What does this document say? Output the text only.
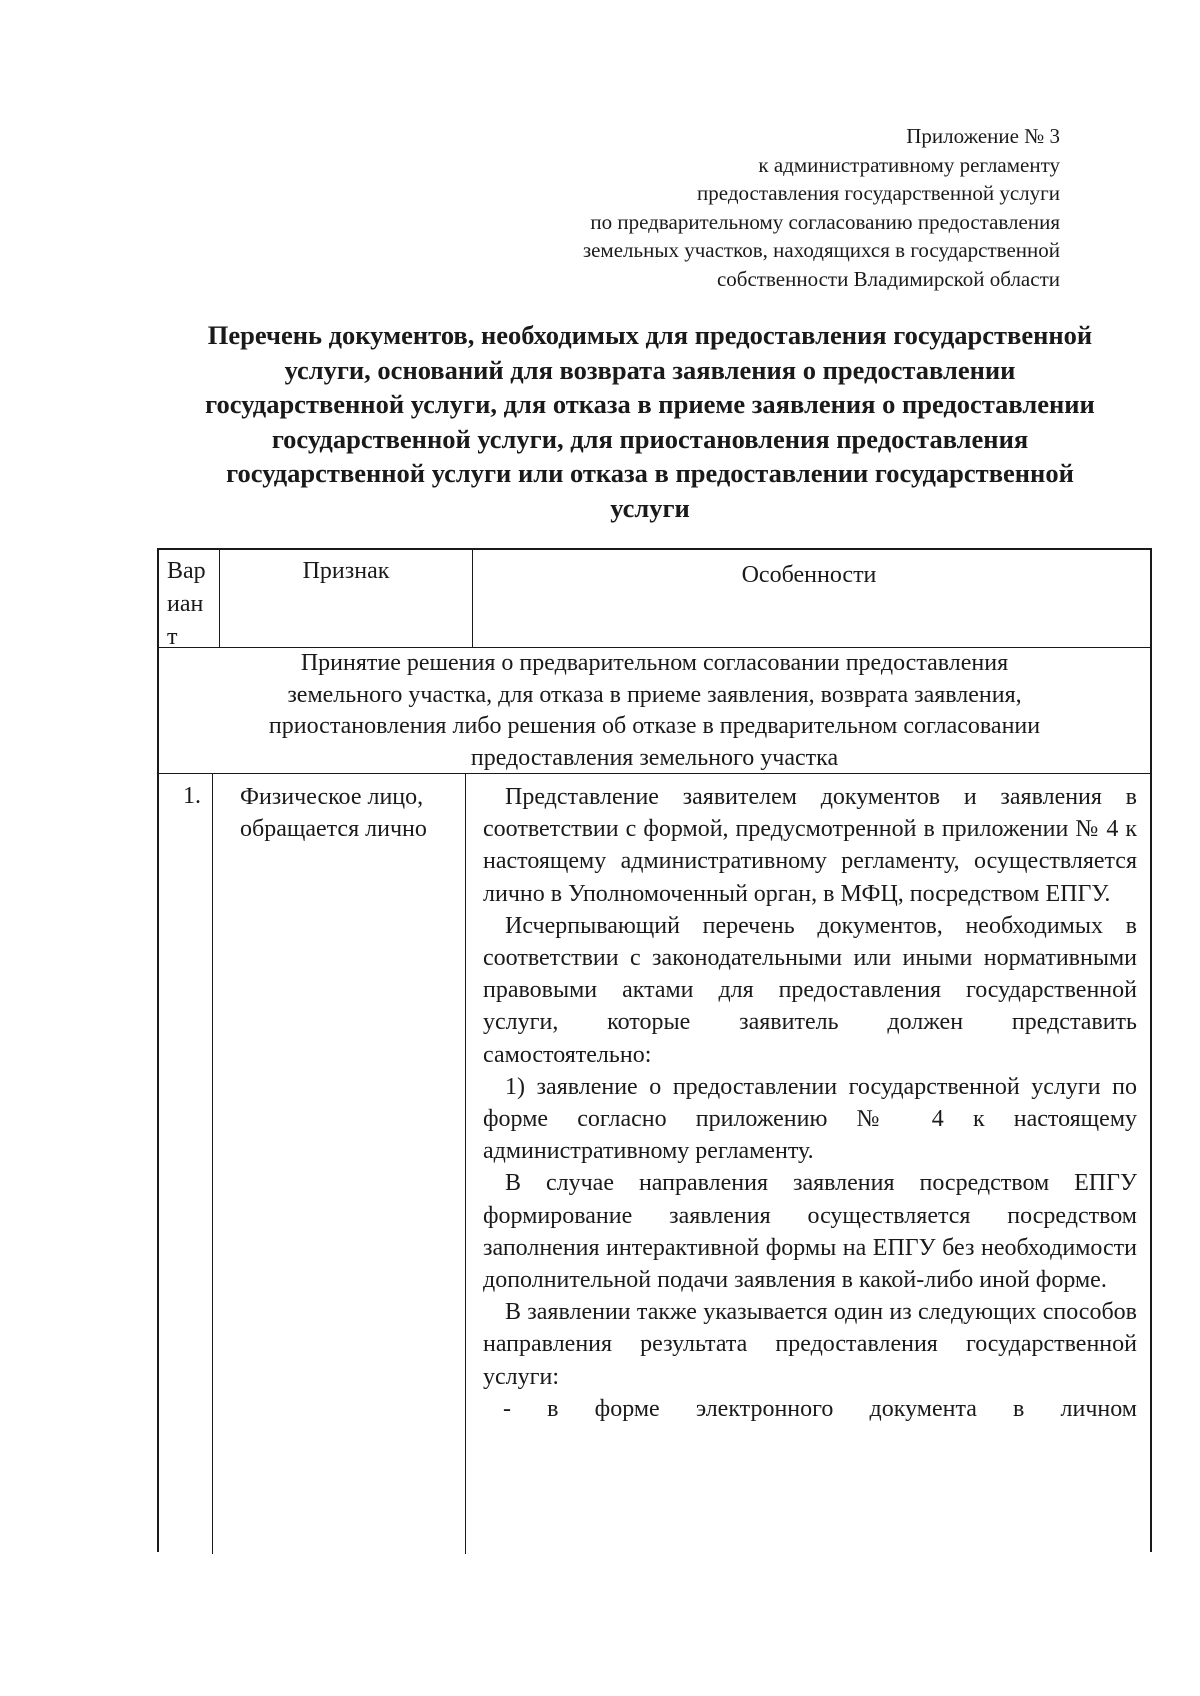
Приложение № 3
к административному регламенту
предоставления государственной услуги
по предварительному согласованию предоставления
земельных участков, находящихся в государственной
собственности Владимирской области
Перечень документов, необходимых для предоставления государственной
услуги, оснований для возврата заявления о предоставлении
государственной услуги, для отказа в приеме заявления о предоставлении
государственной услуги, для приостановления предоставления
государственной услуги или отказа в предоставлении государственной
услуги
Вар
иан
т
Признак	Особенности
Принятие решения о предварительном согласовании предоставления
земельного участка, для отказа в приеме заявления, возврата заявления,
приостановления либо решения об отказе в предварительном согласовании
предоставления земельного участка
1. Физическое лицо, обращается лично

Представление заявителем документов и заявления в соответствии с формой, предусмотренной в приложении № 4 к настоящему административному регламенту, осуществляется лично в Уполномоченный орган, в МФЦ, посредством ЕПГУ.

Исчерпывающий перечень документов, необходимых в соответствии с законодательными или иными нормативными правовыми актами для предоставления государственной услуги, которые заявитель должен представить самостоятельно:

1) заявление о предоставлении государственной услуги по форме согласно приложению № 4 к настоящему административному регламенту.

В случае направления заявления посредством ЕПГУ формирование заявления осуществляется посредством заполнения интерактивной формы на ЕПГУ без необходимости дополнительной подачи заявления в какой-либо иной форме.

В заявлении также указывается один из следующих способов направления результата предоставления государственной услуги:

- в форме электронного документа в личном
